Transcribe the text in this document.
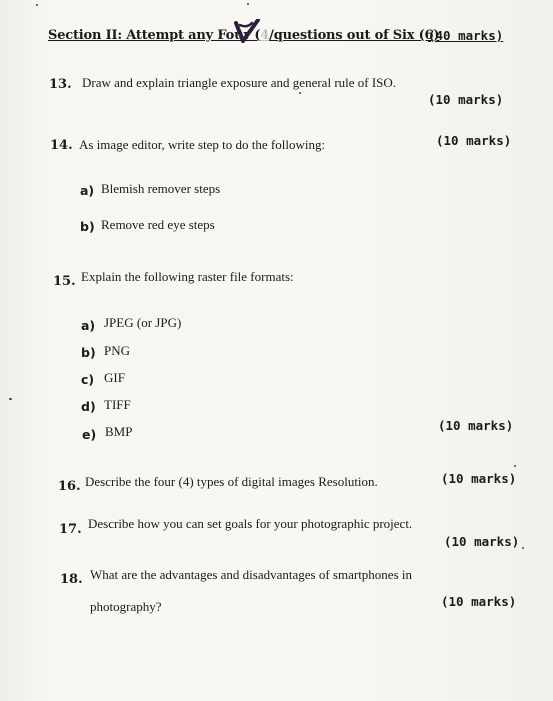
Section II: Attempt any Four (4/questions out of Six (6)
(40 marks)
13. Draw and explain triangle exposure and general rule of ISO.
(10 marks)
14. As image editor, write step to do the following:	(10 marks)
a) Blemish remover steps
b) Remove red eye steps
15. Explain the following raster file formats:
a) JPEG (or JPG)
b) PNG
c) GIF
d) TIFF
e) BMP	(10 marks)
16. Describe the four (4) types of digital images Resolution.	(10 marks)
17. Describe how you can set goals for your photographic project.
(10 marks)
18. What are the advantages and disadvantages of smartphones in
photography?	(10 marks)
